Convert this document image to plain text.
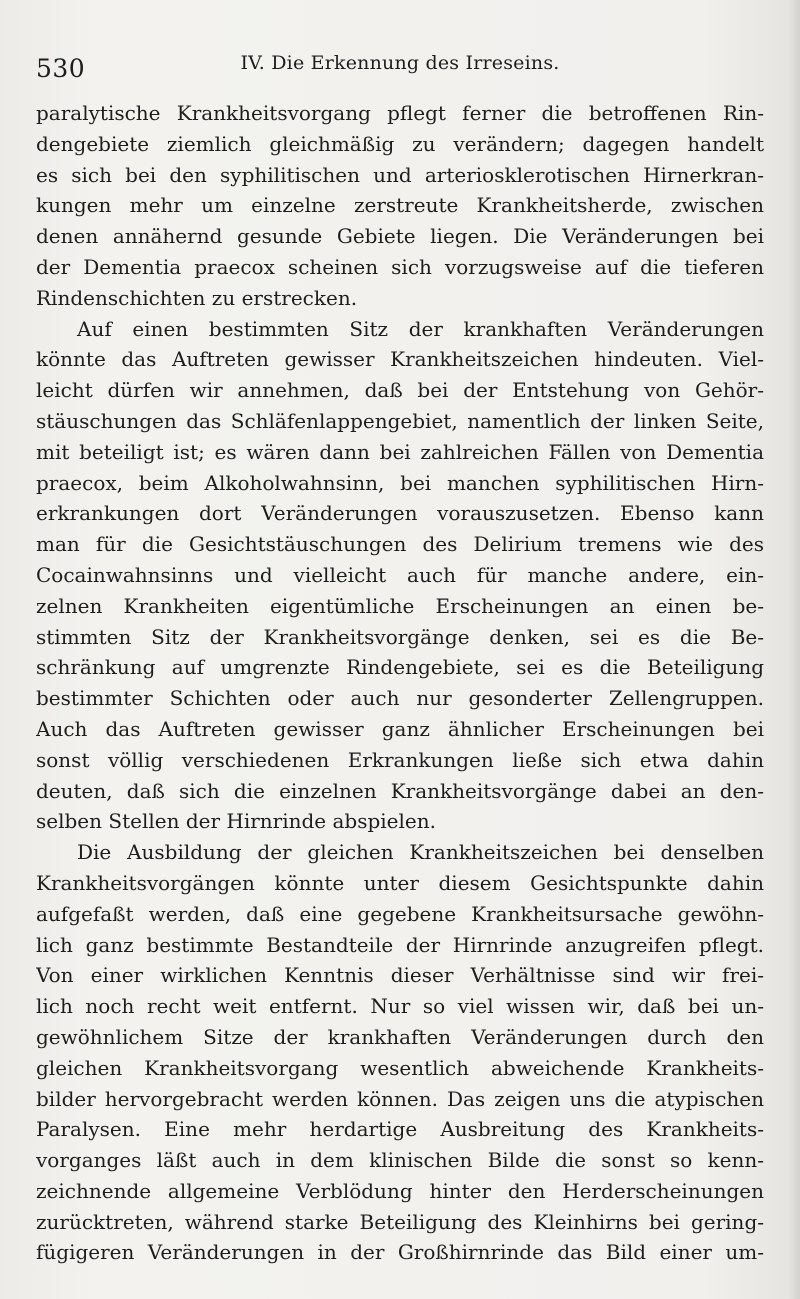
530	IV. Die Erkennung des Irreseins.
paralytische Krankheitsvorgang pflegt ferner die betroffenen Rin-
dengebiete ziemlich gleichmäßig zu verändern; dagegen handelt
es sich bei den syphilitischen und arteriosklerotischen Hirnerkran-
kungen mehr um einzelne zerstreute Krankheitsherde, zwischen
denen annähernd gesunde Gebiete liegen. Die Veränderungen bei
der Dementia praecox scheinen sich vorzugsweise auf die tieferen
Rindenschichten zu erstrecken.
Auf einen bestimmten Sitz der krankhaften Veränderungen
könnte das Auftreten gewisser Krankheitszeichen hindeuten. Viel-
leicht dürfen wir annehmen, daß bei der Entstehung von Gehör-
stäuschungen das Schläfenlappengebiet, namentlich der linken Seite,
mit beteiligt ist; es wären dann bei zahlreichen Fällen von Dementia
praecox, beim Alkoholwahnsinn, bei manchen syphilitischen Hirn-
erkrankungen dort Veränderungen vorauszusetzen. Ebenso kann
man für die Gesichtstäuschungen des Delirium tremens wie des
Cocainwahnsinns und vielleicht auch für manche andere, ein-
zelnen Krankheiten eigentümliche Erscheinungen an einen be-
stimmten Sitz der Krankheitsvorgänge denken, sei es die Be-
schränkung auf umgrenzte Rindengebiete, sei es die Beteiligung
bestimmter Schichten oder auch nur gesonderter Zellengruppen.
Auch das Auftreten gewisser ganz ähnlicher Erscheinungen bei
sonst völlig verschiedenen Erkrankungen ließe sich etwa dahin
deuten, daß sich die einzelnen Krankheitsvorgänge dabei an den-
selben Stellen der Hirnrinde abspielen.
Die Ausbildung der gleichen Krankheitszeichen bei denselben
Krankheitsvorgängen könnte unter diesem Gesichtspunkte dahin
aufgefaßt werden, daß eine gegebene Krankheitsursache gewöhn-
lich ganz bestimmte Bestandteile der Hirnrinde anzugreifen pflegt.
Von einer wirklichen Kenntnis dieser Verhältnisse sind wir frei-
lich noch recht weit entfernt. Nur so viel wissen wir, daß bei un-
gewöhnlichem Sitze der krankhaften Veränderungen durch den
gleichen Krankheitsvorgang wesentlich abweichende Krankheits-
bilder hervorgebracht werden können. Das zeigen uns die atypischen
Paralysen. Eine mehr herdartige Ausbreitung des Krankheits-
vorganges läßt auch in dem klinischen Bilde die sonst so kenn-
zeichnende allgemeine Verblödung hinter den Herderscheinungen
zurücktreten, während starke Beteiligung des Kleinhirns bei gering-
fügigeren Veränderungen in der Großhirnrinde das Bild einer um-
